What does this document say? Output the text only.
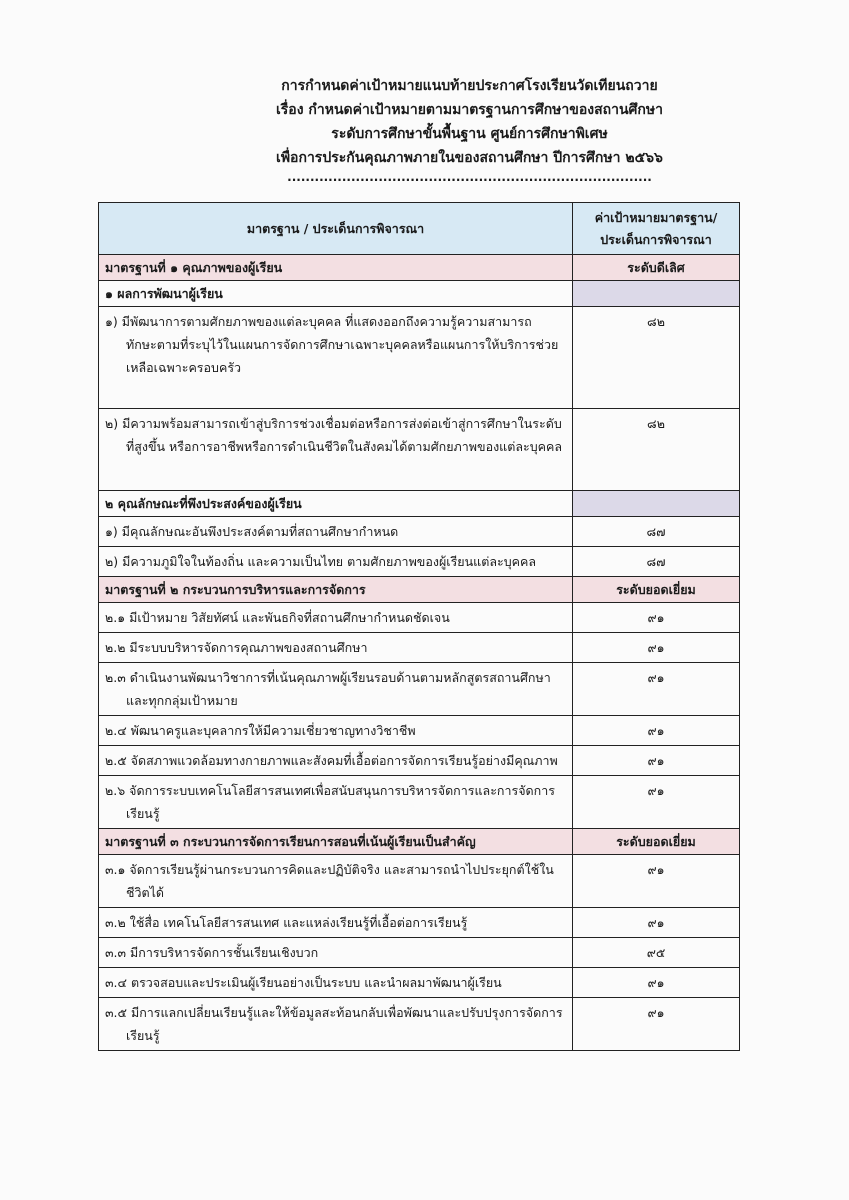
การกำหนดค่าเป้าหมายแนบท้ายประกาศโรงเรียนวัดเทียนถวาย
เรื่อง กำหนดค่าเป้าหมายตามมาตรฐานการศึกษาของสถานศึกษา
ระดับการศึกษาขั้นพื้นฐาน ศูนย์การศึกษาพิเศษ
เพื่อการประกันคุณภาพภายในของสถานศึกษา ปีการศึกษา ๒๕๖๖
................................................................................
มาตรฐาน / ประเด็นการพิจารณา	ค่าเป้าหมายมาตรฐาน/
ประเด็นการพิจารณา

มาตรฐานที่ ๑ คุณภาพของผู้เรียน	ระดับดีเลิศ
๑ ผลการพัฒนาผู้เรียน	

๑) มีพัฒนาการตามศักยภาพของแต่ละบุคคล ที่แสดงออกถึงความรู้ความสามารถ ทักษะตามที่ระบุไว้ในแผนการจัดการศึกษาเฉพาะบุคคลหรือแผนการให้บริการช่วยเหลือเฉพาะครอบครัว	๘๒

๒) มีความพร้อมสามารถเข้าสู่บริการช่วงเชื่อมต่อหรือการส่งต่อเข้าสู่การศึกษาในระดับที่สูงขึ้น หรือการอาชีพหรือการดำเนินชีวิตในสังคมได้ตามศักยภาพของแต่ละบุคคล	๘๒
๒ คุณลักษณะที่พึงประสงค์ของผู้เรียน	

๑) มีคุณลักษณะอันพึงประสงค์ตามที่สถานศึกษากำหนด	๘๗

๒) มีความภูมิใจในท้องถิ่น และความเป็นไทย ตามศักยภาพของผู้เรียนแต่ละบุคคล	๘๗
มาตรฐานที่ ๒ กระบวนการบริหารและการจัดการ	ระดับยอดเยี่ยม

๒.๑ มีเป้าหมาย วิสัยทัศน์ และพันธกิจที่สถานศึกษากำหนดชัดเจน	๙๑

๒.๒ มีระบบบริหารจัดการคุณภาพของสถานศึกษา	๙๑

๒.๓ ดำเนินงานพัฒนาวิชาการที่เน้นคุณภาพผู้เรียนรอบด้านตามหลักสูตรสถานศึกษาและทุกกลุ่มเป้าหมาย	๙๑

๒.๔ พัฒนาครูและบุคลากรให้มีความเชี่ยวชาญทางวิชาชีพ	๙๑

๒.๕ จัดสภาพแวดล้อมทางกายภาพและสังคมที่เอื้อต่อการจัดการเรียนรู้อย่างมีคุณภาพ	๙๑

๒.๖ จัดการระบบเทคโนโลยีสารสนเทศเพื่อสนับสนุนการบริหารจัดการและการจัดการเรียนรู้	๙๑
มาตรฐานที่ ๓ กระบวนการจัดการเรียนการสอนที่เน้นผู้เรียนเป็นสำคัญ	ระดับยอดเยี่ยม

๓.๑ จัดการเรียนรู้ผ่านกระบวนการคิดและปฏิบัติจริง และสามารถนำไปประยุกต์ใช้ในชีวิตได้	๙๑

๓.๒ ใช้สื่อ เทคโนโลยีสารสนเทศ และแหล่งเรียนรู้ที่เอื้อต่อการเรียนรู้	๙๑

๓.๓ มีการบริหารจัดการชั้นเรียนเชิงบวก	๙๕

๓.๔ ตรวจสอบและประเมินผู้เรียนอย่างเป็นระบบ และนำผลมาพัฒนาผู้เรียน	๙๑

๓.๕ มีการแลกเปลี่ยนเรียนรู้และให้ข้อมูลสะท้อนกลับเพื่อพัฒนาและปรับปรุงการจัดการเรียนรู้	๙๑
